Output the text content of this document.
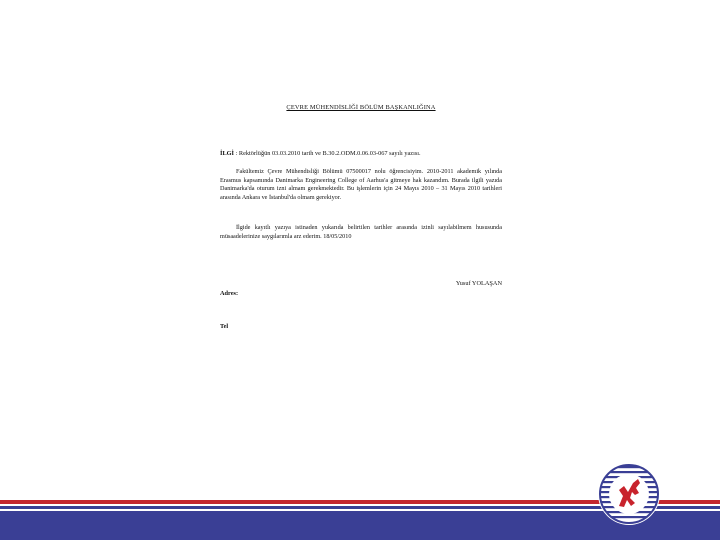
ÇEVRE MÜHENDİSLİĞİ BÖLÜM BAŞKANLIĞINA
İLGİ : Rektörlüğün 03.03.2010 tarih ve B.30.2.ODM.0.06.03-067 sayılı yazısı.
Fakültemiz Çevre Mühendisliği Bölümü 07500017 nolu öğrencisiyim. 2010-2011 akademik yılında Erasmus kapsamında Danimarka Engineering College of Aarhus'a gitmeye hak kazandım. Burada ilgili yazıda Danimarka'da oturum izni almam gerekmektedir. Bu işlemlerin için 24 Mayıs 2010 – 31 Mayıs 2010 tarihleri arasında Ankara ve İstanbul'da olmam gerekiyor.
İlgide kayıtlı yazıya istinaden yukarıda belirtilen tarihler arasında izinli sayılabilmem hususunda müsaadelerinize saygılarımla arz ederim. 18/05/2010
Yusuf YOLAŞAN
Adres:
Tel
